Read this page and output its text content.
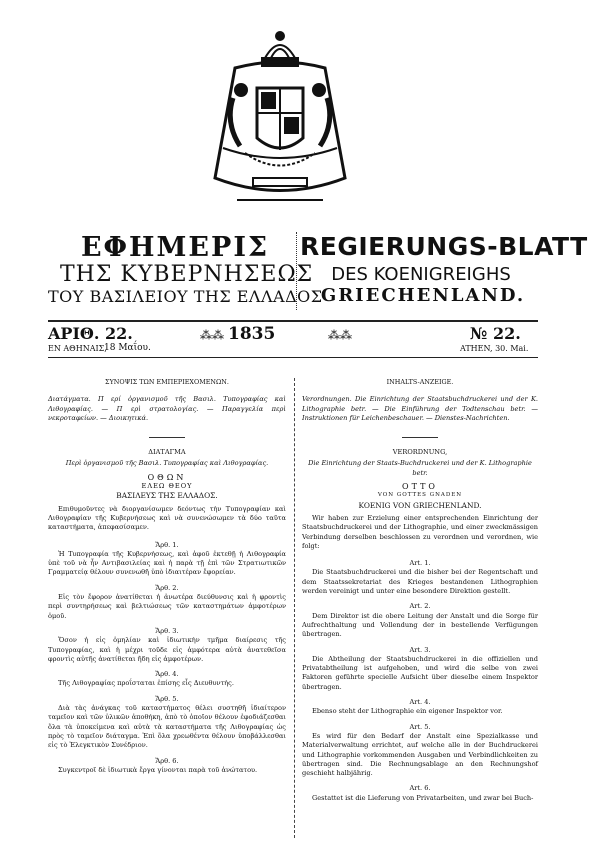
ΕΦΗΜΕΡΙΣ
ΤΗΣ ΚΥΒΕΡΝΗΣΕΩΣ
ΤΟΥ ΒΑΣΙΛΕΙΟΥ ΤΗΣ ΕΛΛΑΔΟΣ
REGIERUNGS-BLATT
DES KOENIGREIGHS
GRIECHENLAND.
ΑΡΙΘ. 22.	1835
⁂⁂	⁂⁂	№ 22.
ΕΝ ΑΘΗΝΑΙΣ,
18 Μαΐου.	ATHEN, 30. Mai.
ΣΥΝΟΨΙΣ ΤΩΝ ΕΜΠΕΡΙΕΧΟΜΕΝΩΝ.
Διατάγματα. Π ερί ὀργανισμοῦ τῆς Βασιλ. Τυπογραφίας καὶ Λιθογραφίας. — Π ερὶ στρατολογίας. — Παραγγελία περὶ νεκροταφείων. — Διοικητικά.
ΔΙΑΤΑΓΜΑ
Περὶ ὀργανισμοῦ τῆς Βασιλ. Τυπογραφίας καὶ Λιθογραφίας.
ΟΘΩΝ
ΕΛΕΩ ΘΕΟΥ
ΒΑΣΙΛΕΥΣ ΤΗΣ ΕΛΛΑΔΟΣ.
Επιθυμοῦντες νὰ διοργανίσωμεν δεόντως τὴν Τυπογραφίαν καὶ Λιθογραφίαν τῆς Κυβερνήσεως καὶ νὰ συνενώσωμεν τὰ δύο ταῦτα καταστήματα, ἀπεφασίσαμεν.
Ἄρθ. 1.
Ἡ Τυπογραφία τῆς Κυβερνήσεως, καὶ ἀφοῦ ἐκτεθῇ ἡ Λιθογραφία ὑπὲ τοῦ νὰ ἦν Αντιβασιλείας καὶ ἡ παρὰ τῇ ἐπὶ τῶν Στρατιωτικῶν Γραμματείᾳ θέλουν συνενωθῆ ὑπὸ ἰδιαιτέραν ἔφορείαν.
Ἄρθ. 2.
Εἰς τὸν ἔφορον ἀνατίθεται ἡ ἀνωτέρα διεύθυνσις καὶ ἡ φροντὶς περὶ συντηρήσεως καὶ βελτιώσεως τῶν καταστημάτων ἀμφοτέρων ὁμοῦ.
Ἄρθ. 3.
Ὅσον ἡ εἰς ὁμηλίαν καὶ ἰδιωτικὴν τμῆμα διαίρεσις τῆς Τυπογραφίας, καὶ ἡ μέχρι τοῦδε εἰς ἀμφότερα αὐτὰ ἀνατεθεῖσα φροντὶς αὐτῆς ἀνατίθεται ἤδη εἰς ἀμφοτέρων.
Ἄρθ. 4.
Τῆς Λιθογραφίας προΐσταται ἐπίσης εἷς Διευθυντής.
Ἄρθ. 5.
Διὰ τὰς ἀνάγκας τοῦ καταστήματος θέλει συστηθῆ ἰδιαίτερον ταμεῖον καὶ τῶν ὑλικῶν ἀποθήκη, ἀπὸ τὸ ὁποῖον θέλουν ἐφοδιάζεσθαι ὅλα τὰ ὑποκείμενα καὶ αὐτὰ τὰ καταστήματα τῆς Λιθογραφίας ὡς πρὸς τὸ ταμεῖον διάταγμα. Ἐπὶ ὅλα χρεωθέντα θέλουν ὑποβάλλεσθαι εἰς τὸ Ἐλεγκτικὸν Συνέδριον.
Ἄρθ. 6.
Συγκεντροῖ δὲ ἰδιωτικὰ ἔργα γίνονται παρὰ τοῦ ἀνώτατου.
INHALTS-ANZEIGE.
Verordnungen. Die Einrichtung der Staatsbuchdruckerei und der K. Lithographie betr. — Die Einführung der Todtenschau betr. — Instruktionen für Leichenbeschauer. — Dienstes-Nachrichten.
VERORDNUNG,
Die Einrichtung der Staats-Buchdruckerei und der K. Lithographie betr.
OTTO
VON GOTTES GNADEN
KOENIG VON GRIECHENLAND.
Wir haben zur Erzielung einer entsprechenden Einrichtung der Staatsbuchdruckerei und der Lithographie, und einer zweckmässigen Verbindung derselben beschlossen zu verordnen und verordnen, wie folgt:
Art. 1.
Die Staatsbuchdruckerei und die bisher bei der Regentschaft und dem Staatssekretariat des Krieges bestandenen Lithographien werden vereinigt und unter eine besondere Direktion gestellt.
Art. 2.
Dem Direktor ist die obere Leitung der Anstalt und die Sorge für Aufrechthaltung und Vollendung der in bestellende Verfügungen übertragen.
Art. 3.
Die Abtheilung der Staatsbuchdruckerei in die offiziellen und Privatabtheilung ist aufgehoben, und wird die selbe von zwei Faktoren geführte specielle Aufsicht über dieselbe einem Inspektor übertragen.
Art. 4.
Ebenso steht der Lithographie ein eigener Inspektor vor.
Art. 5.
Es wird für den Bedarf der Anstalt eine Spezialkasse und Materialverwaltung errichtet, auf welche alle in der Buchdruckerei und Lithographie vorkommenden Ausgaben und Verbindlichkeiten zu übertragen sind. Die Rechnungsablage an den Rechnungshof geschieht halbjährig.
Art. 6.
Gestattet ist die Lieferung von Privatarbeiten, und zwar bei Buch-
